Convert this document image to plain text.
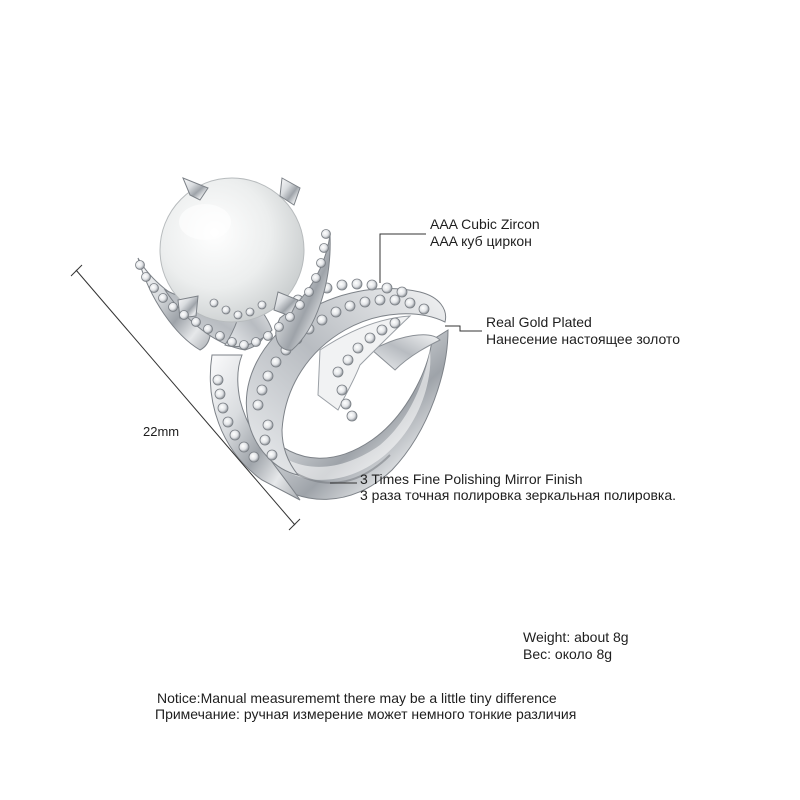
AAA Cubic Zircon
AAA куб циркон
Real Gold Plated
Нанесение настоящее золото
3 Times Fine Polishing Mirror Finish
3 раза точная полировка зеркальная полировка.
22mm
Weight: about 8g
Вес: около 8g
Notice:Manual measurememt there may be a little tiny difference
Примечание: ручная измерение может немного тонкие различия
